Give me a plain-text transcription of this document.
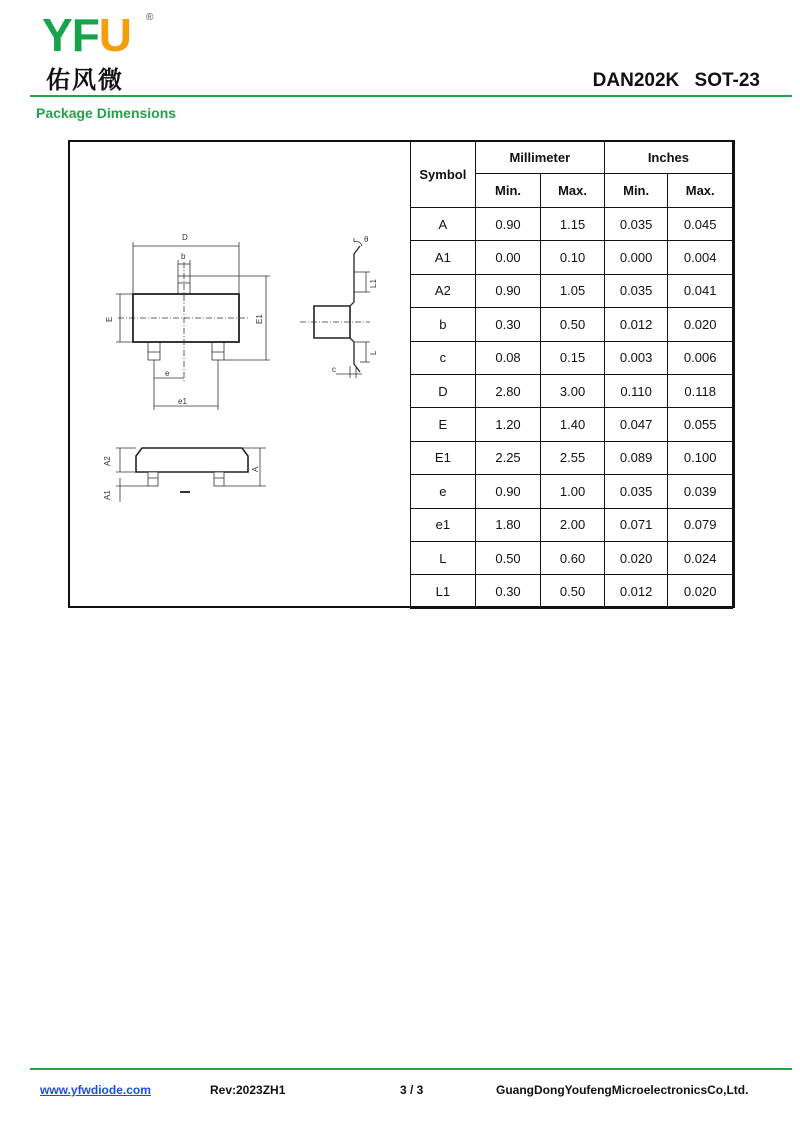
YFU ®
佑风微	DAN202K SOT-23
Package Dimensions
D
b
E	E1
e
e1
θ
L1
L
c
A2
A
A1
Symbol	Millimeter		Inches	
	Min.	Max.	Min.	Max.
A	0.90	1.15	0.035	0.045
A1	0.00	0.10	0.000	0.004
A2	0.90	1.05	0.035	0.041
b	0.30	0.50	0.012	0.020
c	0.08	0.15	0.003	0.006
D	2.80	3.00	0.110	0.118
E	1.20	1.40	0.047	0.055
E1	2.25	2.55	0.089	0.100
e	0.90	1.00	0.035	0.039
e1	1.80	2.00	0.071	0.079
L	0.50	0.60	0.020	0.024
L1	0.30	0.50	0.012	0.020
www.yfwdiode.com	Rev:2023ZH1	3 / 3	GuangDongYoufengMicroelectronicsCo,Ltd.
